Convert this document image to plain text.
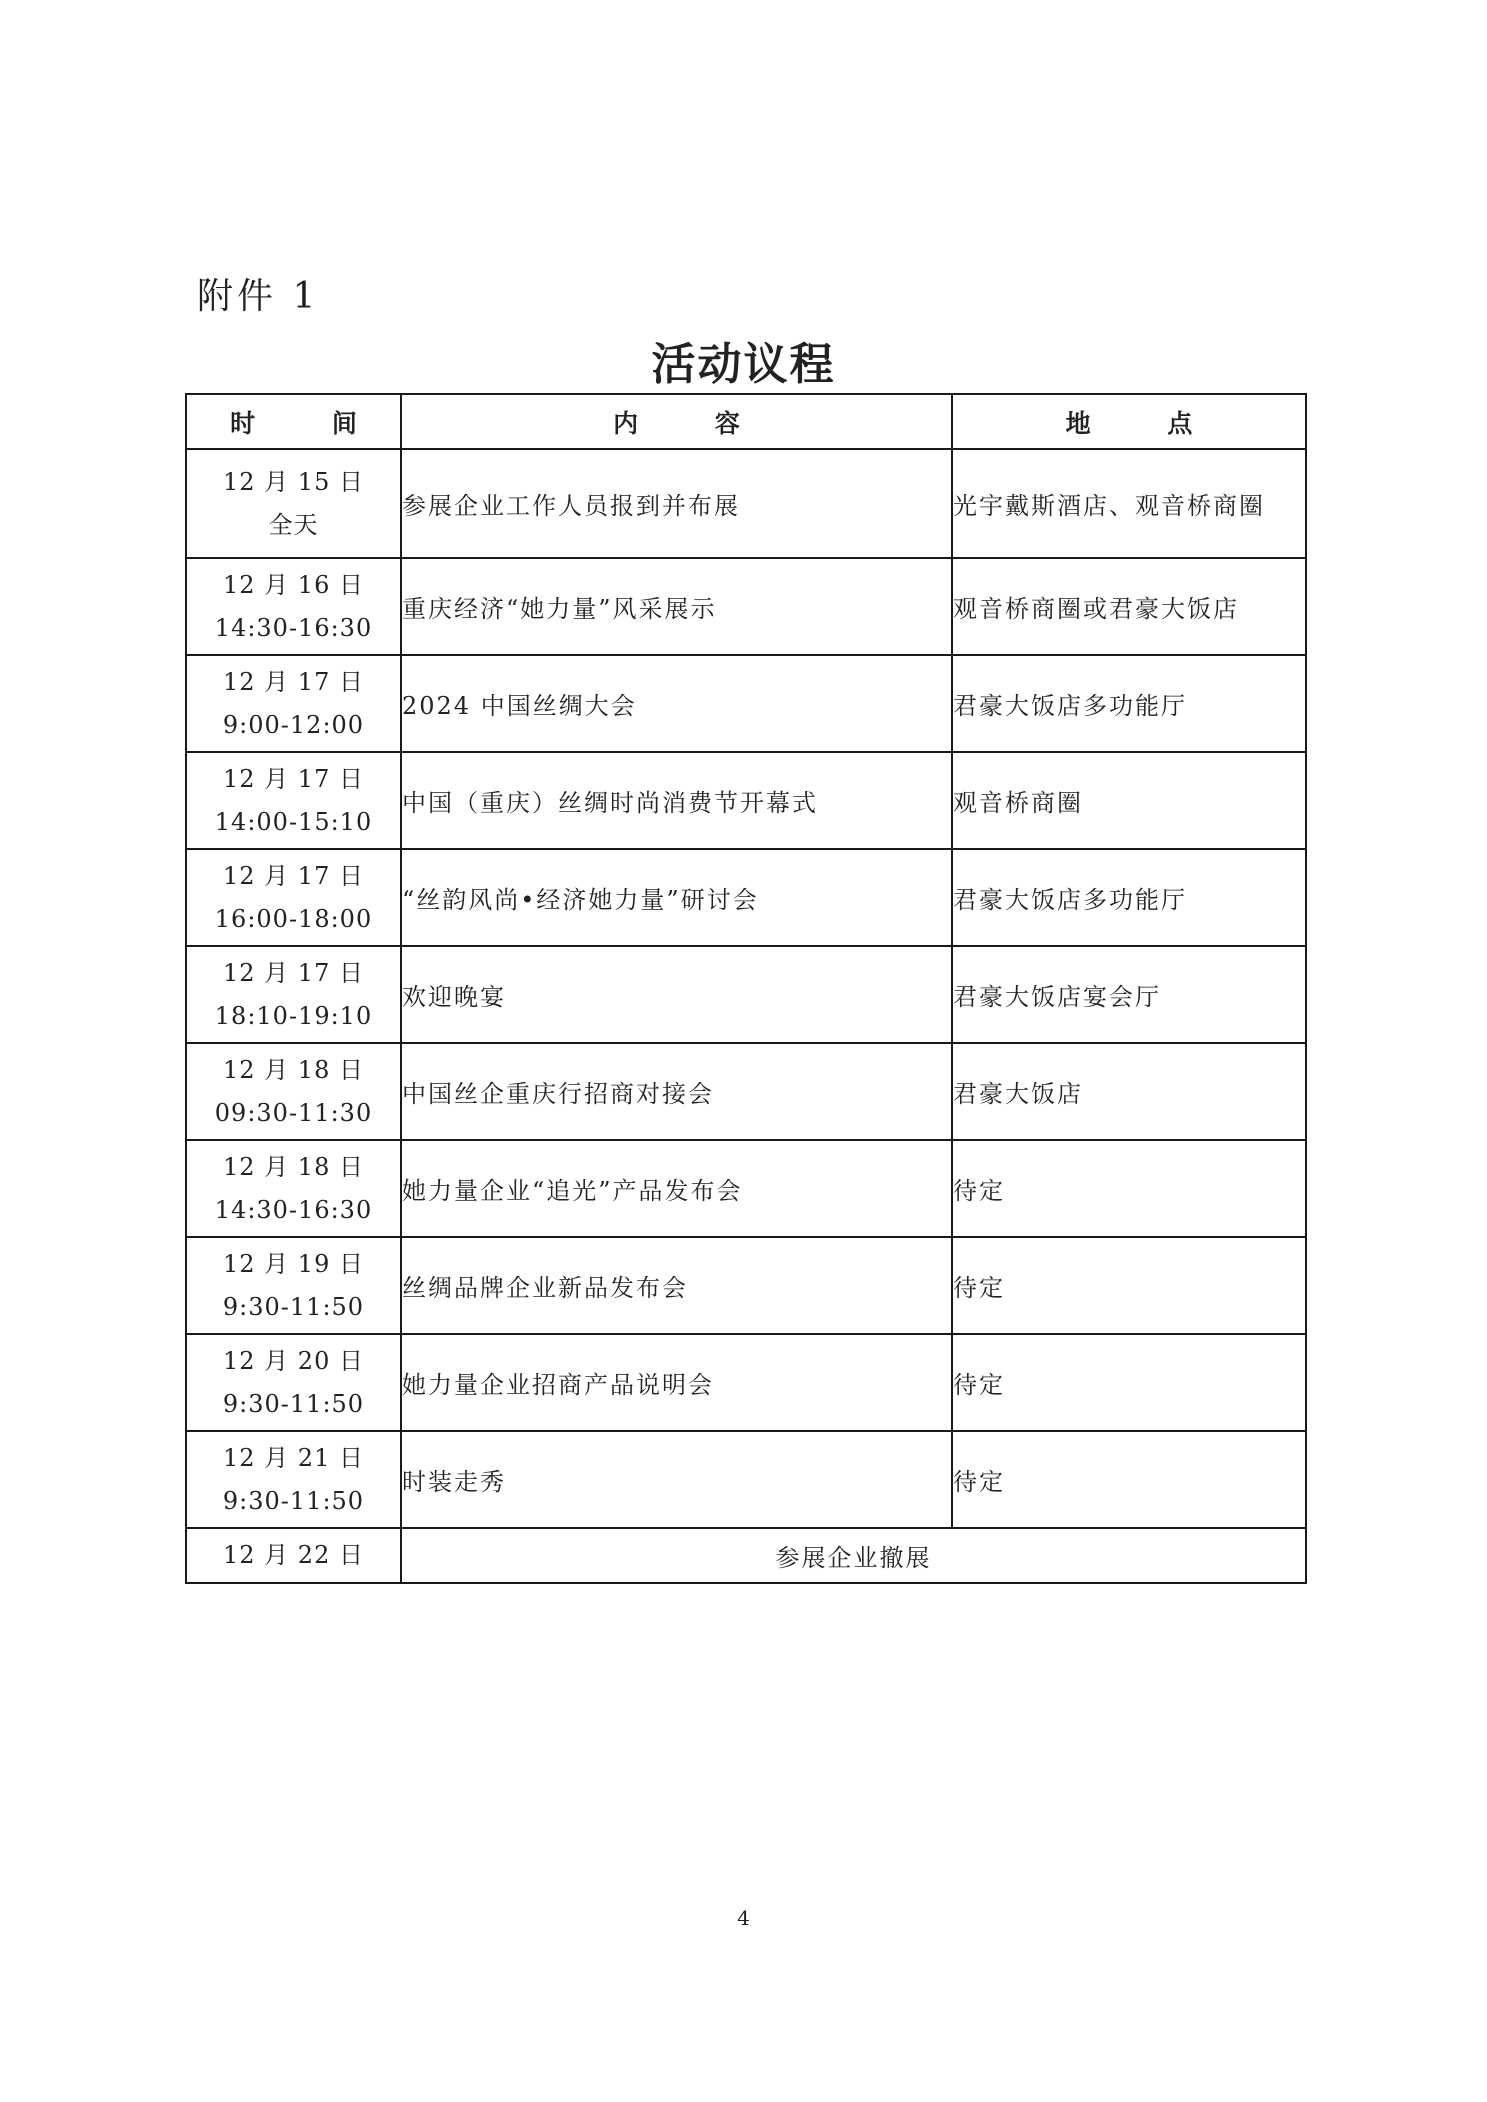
附件 1
活动议程
时 间	内 容	地 点

12 月 15 日
全天	参展企业工作人员报到并布展	光宇戴斯酒店、观音桥商圈

12 月 16 日
14:30-16:30	重庆经济“她力量”风采展示	观音桥商圈或君豪大饭店

12 月 17 日
9:00-12:00	2024 中国丝绸大会	君豪大饭店多功能厅

12 月 17 日
14:00-15:10	中国（重庆）丝绸时尚消费节开幕式	观音桥商圈

12 月 17 日
16:00-18:00	“丝韵风尚•经济她力量”研讨会	君豪大饭店多功能厅

12 月 17 日
18:10-19:10	欢迎晚宴	君豪大饭店宴会厅

12 月 18 日
09:30-11:30	中国丝企重庆行招商对接会	君豪大饭店

12 月 18 日
14:30-16:30	她力量企业“追光”产品发布会	待定

12 月 19 日
9:30-11:50	丝绸品牌企业新品发布会	待定

12 月 20 日
9:30-11:50	她力量企业招商产品说明会	待定

12 月 21 日
9:30-11:50	时装走秀	待定
12 月 22 日	参展企业撤展	
4
